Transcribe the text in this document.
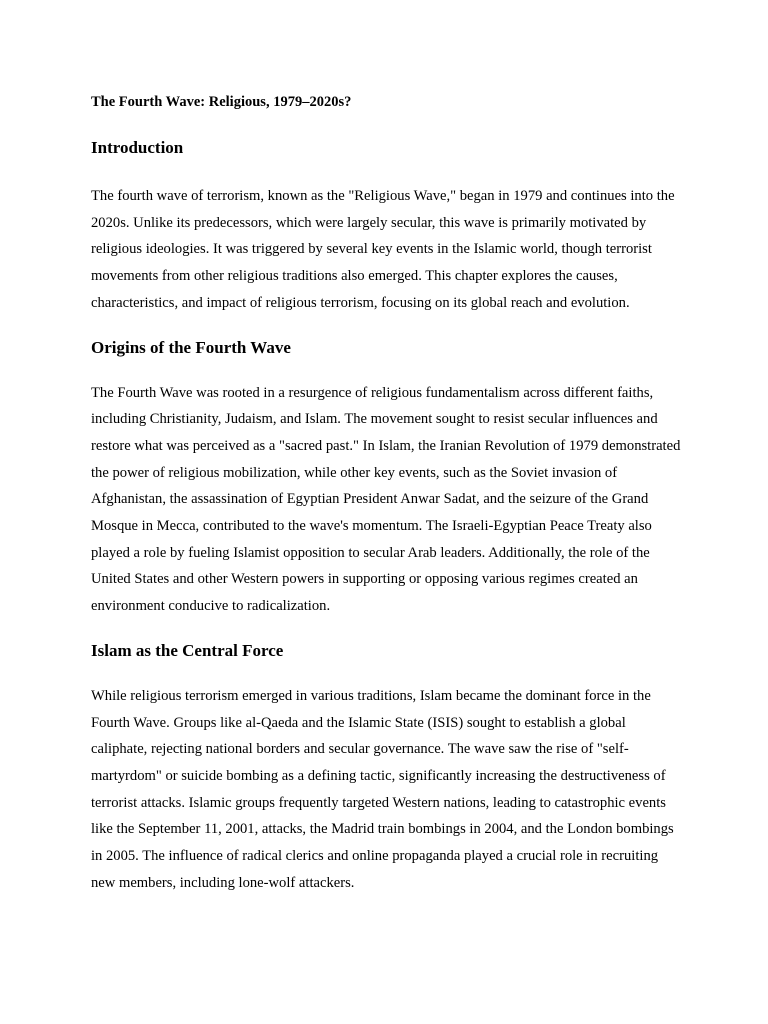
The Fourth Wave: Religious, 1979–2020s?

Introduction

The fourth wave of terrorism, known as the "Religious Wave," began in 1979 and continues into the 2020s. Unlike its predecessors, which were largely secular, this wave is primarily motivated by religious ideologies. It was triggered by several key events in the Islamic world, though terrorist movements from other religious traditions also emerged. This chapter explores the causes, characteristics, and impact of religious terrorism, focusing on its global reach and evolution.

Origins of the Fourth Wave

The Fourth Wave was rooted in a resurgence of religious fundamentalism across different faiths, including Christianity, Judaism, and Islam. The movement sought to resist secular influences and restore what was perceived as a "sacred past." In Islam, the Iranian Revolution of 1979 demonstrated the power of religious mobilization, while other key events, such as the Soviet invasion of Afghanistan, the assassination of Egyptian President Anwar Sadat, and the seizure of the Grand Mosque in Mecca, contributed to the wave's momentum. The Israeli-Egyptian Peace Treaty also played a role by fueling Islamist opposition to secular Arab leaders. Additionally, the role of the United States and other Western powers in supporting or opposing various regimes created an environment conducive to radicalization.

Islam as the Central Force

While religious terrorism emerged in various traditions, Islam became the dominant force in the Fourth Wave. Groups like al-Qaeda and the Islamic State (ISIS) sought to establish a global caliphate, rejecting national borders and secular governance. The wave saw the rise of "self-martyrdom" or suicide bombing as a defining tactic, significantly increasing the destructiveness of terrorist attacks. Islamic groups frequently targeted Western nations, leading to catastrophic events like the September 11, 2001, attacks, the Madrid train bombings in 2004, and the London bombings in 2005. The influence of radical clerics and online propaganda played a crucial role in recruiting new members, including lone-wolf attackers.
